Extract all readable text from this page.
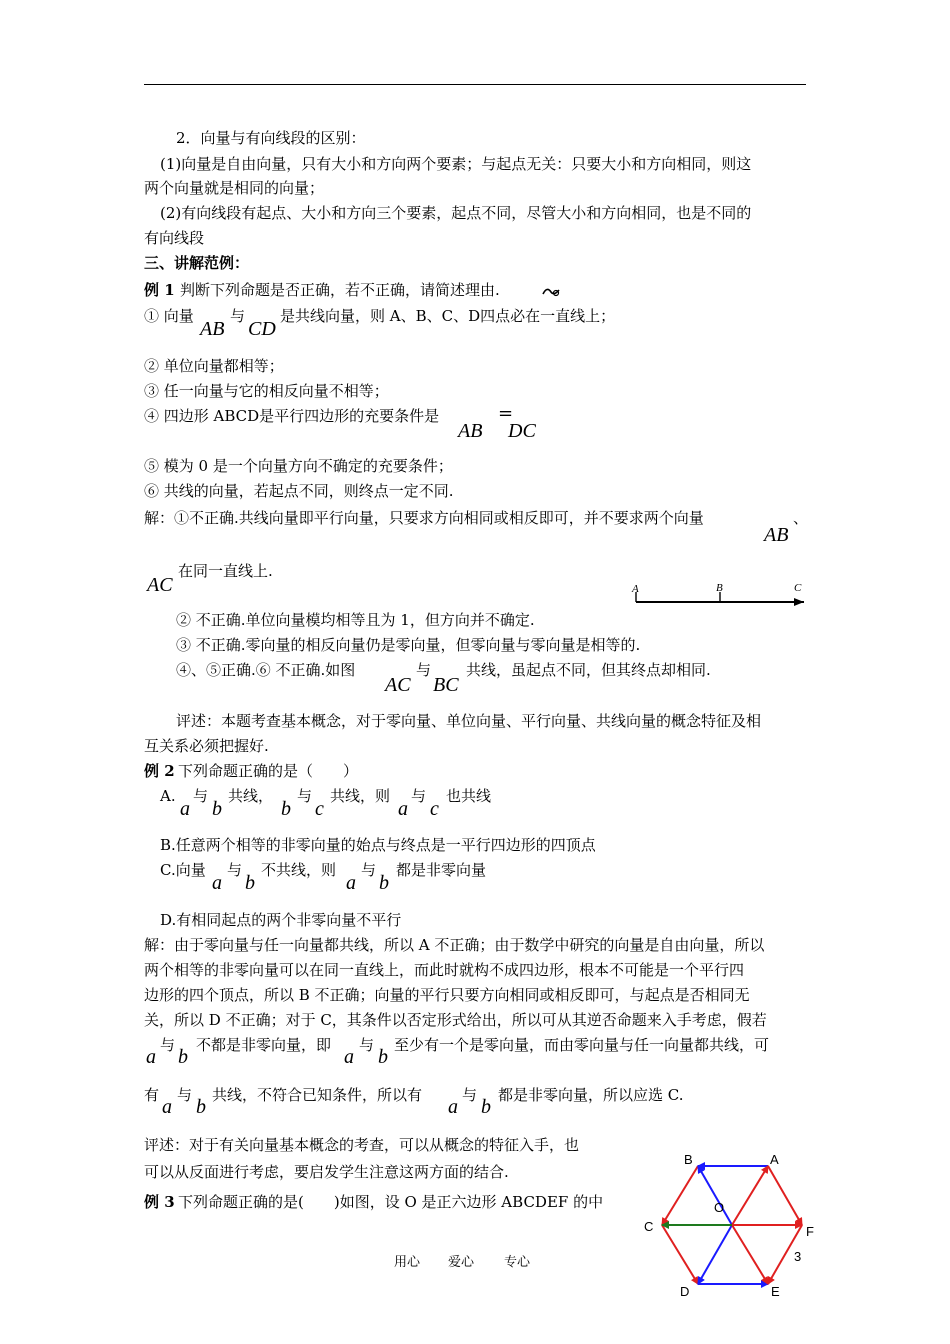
2．向量与有向线段的区别：
(1)向量是自由向量，只有大小和方向两个要素；与起点无关：只要大小和方向相同，则这
两个向量就是相同的向量；
(2)有向线段有起点、大小和方向三个要素，起点不同，尽管大小和方向相同，也是不同的
有向线段
三、讲解范例：
例 1 判断下列命题是否正确，若不正确，请简述理由.
① 向量
AB
与
CD
是共线向量，则 A、B、C、D四点必在一直线上；
② 单位向量都相等；
③ 任一向量与它的相反向量不相等；
④ 四边形 ABCD是平行四边形的充要条件是
AB
=
DC
⑤ 模为 0 是一个向量方向不确定的充要条件；
⑥ 共线的向量，若起点不同，则终点一定不同.
解：①不正确.共线向量即平行向量，只要求方向相同或相反即可，并不要求两个向量	、
AB
AC
在同一直线上.
A	B	C
② 不正确.单位向量模均相等且为 1，但方向并不确定.
③ 不正确.零向量的相反向量仍是零向量，但零向量与零向量是相等的.
④、⑤正确.⑥ 不正确.如图
AC
与
BC
共线，虽起点不同，但其终点却相同.
评述：本题考查基本概念，对于零向量、单位向量、平行向量、共线向量的概念特征及相
互关系必须把握好.
例 2 下列命题正确的是（　　）
A.
a
与
b
共线，
b
与
c
共线，则
a
与
c
也共线
B.任意两个相等的非零向量的始点与终点是一平行四边形的四顶点
C.向量
a
与
b
不共线，则
a
与
b
都是非零向量
D.有相同起点的两个非零向量不平行
解：由于零向量与任一向量都共线，所以 A 不正确；由于数学中研究的向量是自由向量，所以
两个相等的非零向量可以在同一直线上，而此时就构不成四边形，根本不可能是一个平行四
边形的四个顶点，所以 B 不正确；向量的平行只要方向相同或相反即可，与起点是否相同无
关，所以 D 不正确；对于 C，其条件以否定形式给出，所以可从其逆否命题来入手考虑，假若
a
与
b
不都是非零向量，即
a
与
b
至少有一个是零向量，而由零向量与任一向量都共线，可
有
a
与
b
共线，不符合已知条件，所以有
a
与
b
都是非零向量，所以应选 C.
评述：对于有关向量基本概念的考查，可以从概念的特征入手，也
可以从反面进行考虑，要启发学生注意这两方面的结合.
例 3 下列命题正确的是(　　)如图，设 O 是正六边形 ABCDEF 的中
用心 爱心 专心	3
B	A
C	F
O
D	E
